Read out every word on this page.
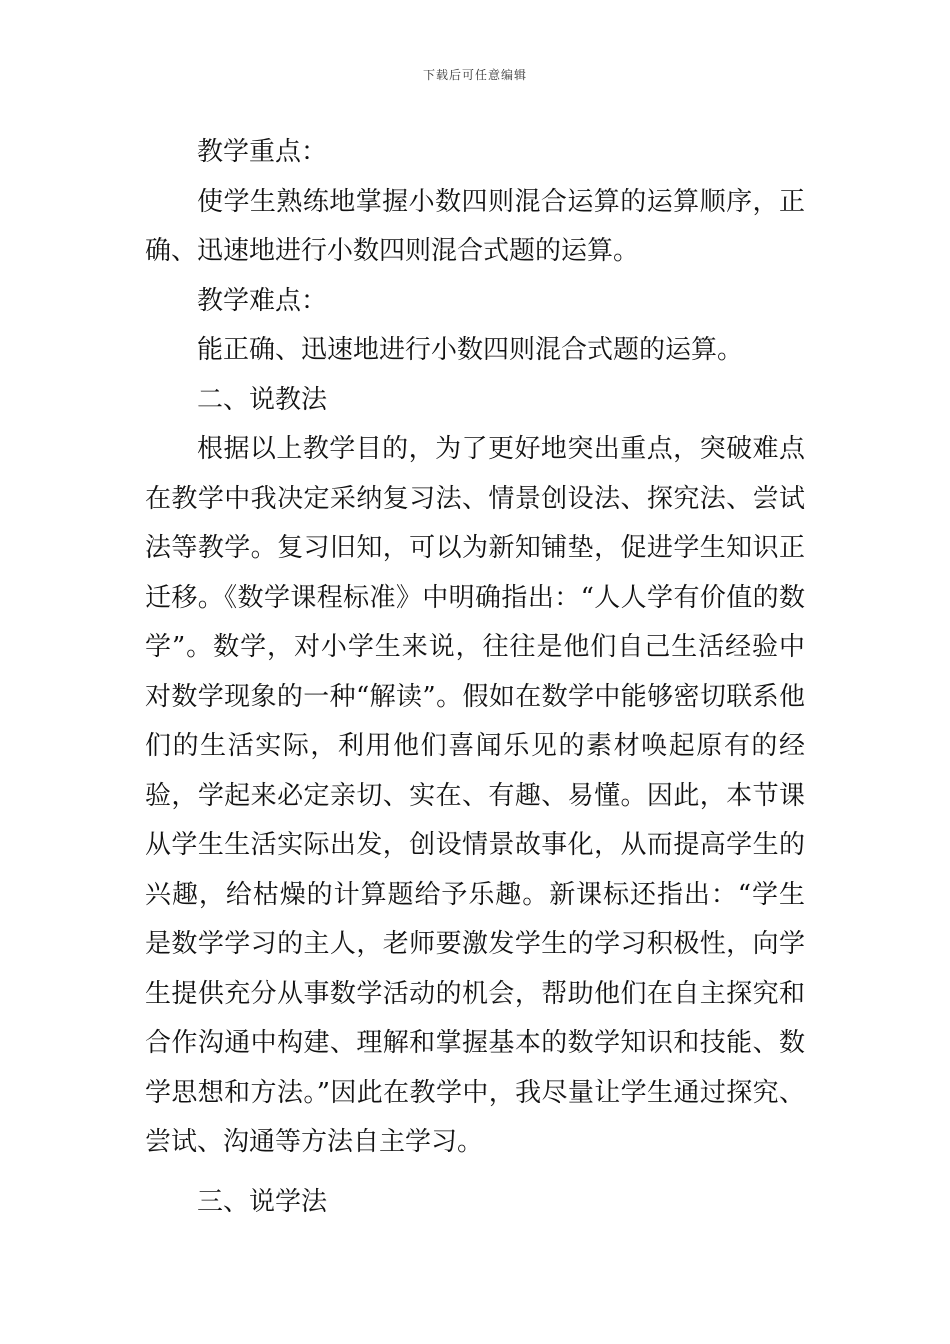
下载后可任意编辑

教学重点：

使学生熟练地掌握小数四则混合运算的运算顺序，正确、迅速地进行小数四则混合式题的运算。

教学难点：

能正确、迅速地进行小数四则混合式题的运算。

二、说教法

根据以上教学目的，为了更好地突出重点，突破难点在教学中我决定采纳复习法、情景创设法、探究法、尝试法等教学。复习旧知，可以为新知铺垫，促进学生知识正迁移。《数学课程标准》中明确指出：“人人学有价值的数学”。数学，对小学生来说，往往是他们自己生活经验中对数学现象的一种“解读”。假如在数学中能够密切联系他们的生活实际，利用他们喜闻乐见的素材唤起原有的经验，学起来必定亲切、实在、有趣、易懂。因此，本节课从学生生活实际出发，创设情景故事化，从而提高学生的兴趣，给枯燥的计算题给予乐趣。新课标还指出：“学生是数学学习的主人，老师要激发学生的学习积极性，向学生提供充分从事数学活动的机会，帮助他们在自主探究和合作沟通中构建、理解和掌握基本的数学知识和技能、数学思想和方法。”因此在教学中，我尽量让学生通过探究、尝试、沟通等方法自主学习。

三、说学法
